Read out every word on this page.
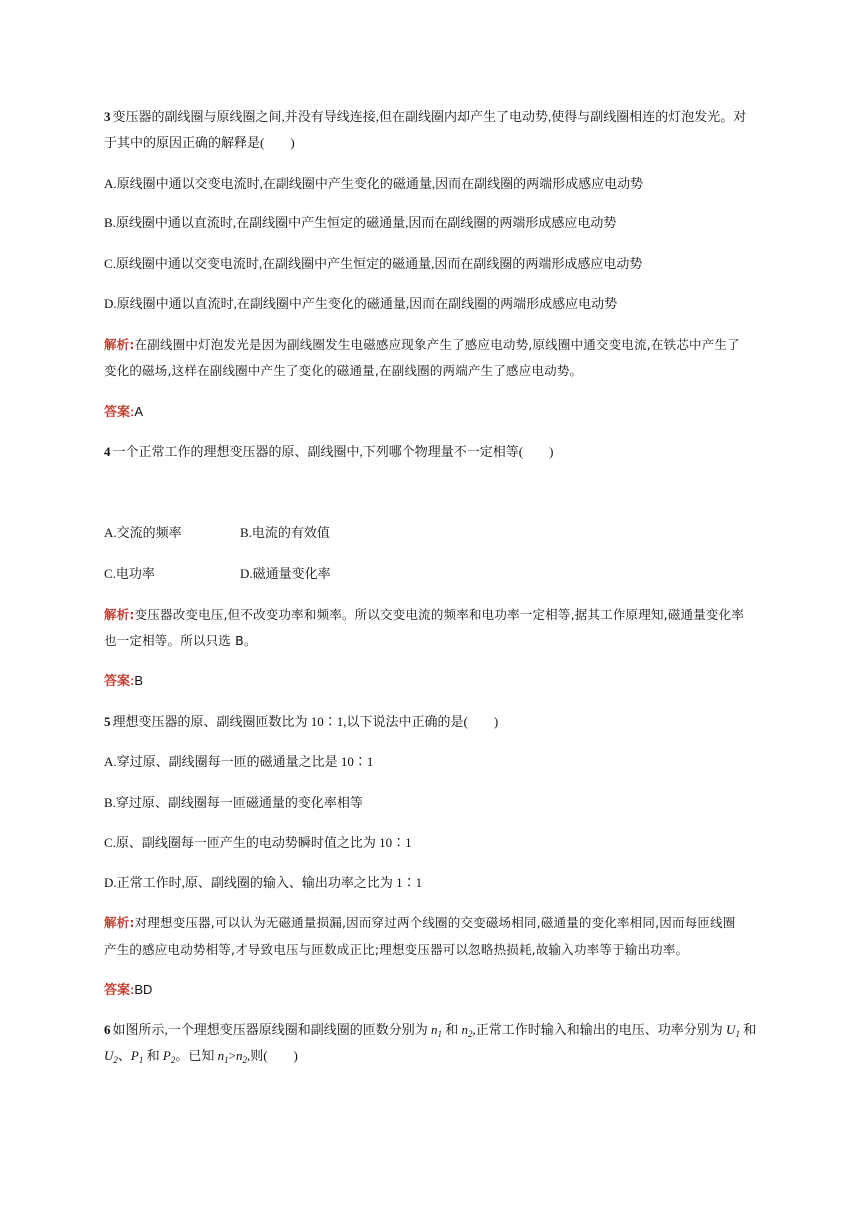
3 变压器的副线圈与原线圈之间,并没有导线连接,但在副线圈内却产生了电动势,使得与副线圈相连的灯泡发光。对
于其中的原因正确的解释是(　　)
A.原线圈中通以交变电流时,在副线圈中产生变化的磁通量,因而在副线圈的两端形成感应电动势
B.原线圈中通以直流时,在副线圈中产生恒定的磁通量,因而在副线圈的两端形成感应电动势
C.原线圈中通以交变电流时,在副线圈中产生恒定的磁通量,因而在副线圈的两端形成感应电动势
D.原线圈中通以直流时,在副线圈中产生变化的磁通量,因而在副线圈的两端形成感应电动势
解析:在副线圈中灯泡发光是因为副线圈发生电磁感应现象产生了感应电动势,原线圈中通交变电流,在铁芯中产生了
变化的磁场,这样在副线圈中产生了变化的磁通量,在副线圈的两端产生了感应电动势。
答案:A
4 一个正常工作的理想变压器的原、副线圈中,下列哪个物理量不一定相等(　　)
A.交流的频率	B.电流的有效值
C.电功率	D.磁通量变化率
解析:变压器改变电压,但不改变功率和频率。所以交变电流的频率和电功率一定相等,据其工作原理知,磁通量变化率
也一定相等。所以只选 B。
答案:B
5 理想变压器的原、副线圈匝数比为 10∶1,以下说法中正确的是(　　)
A.穿过原、副线圈每一匝的磁通量之比是 10∶1
B.穿过原、副线圈每一匝磁通量的变化率相等
C.原、副线圈每一匝产生的电动势瞬时值之比为 10∶1
D.正常工作时,原、副线圈的输入、输出功率之比为 1∶1
解析:对理想变压器,可以认为无磁通量损漏,因而穿过两个线圈的交变磁场相同,磁通量的变化率相同,因而每匝线圈
产生的感应电动势相等,才导致电压与匝数成正比;理想变压器可以忽略热损耗,故输入功率等于输出功率。
答案:BD
6 如图所示,一个理想变压器原线圈和副线圈的匝数分别为 $n_1$ 和 $n_2$,正常工作时输入和输出的电压、功率分别为 $U_1$ 和
$U_2$、$P_1$ 和 $P_2$。已知 $n_1>n_2$,则(　　)
